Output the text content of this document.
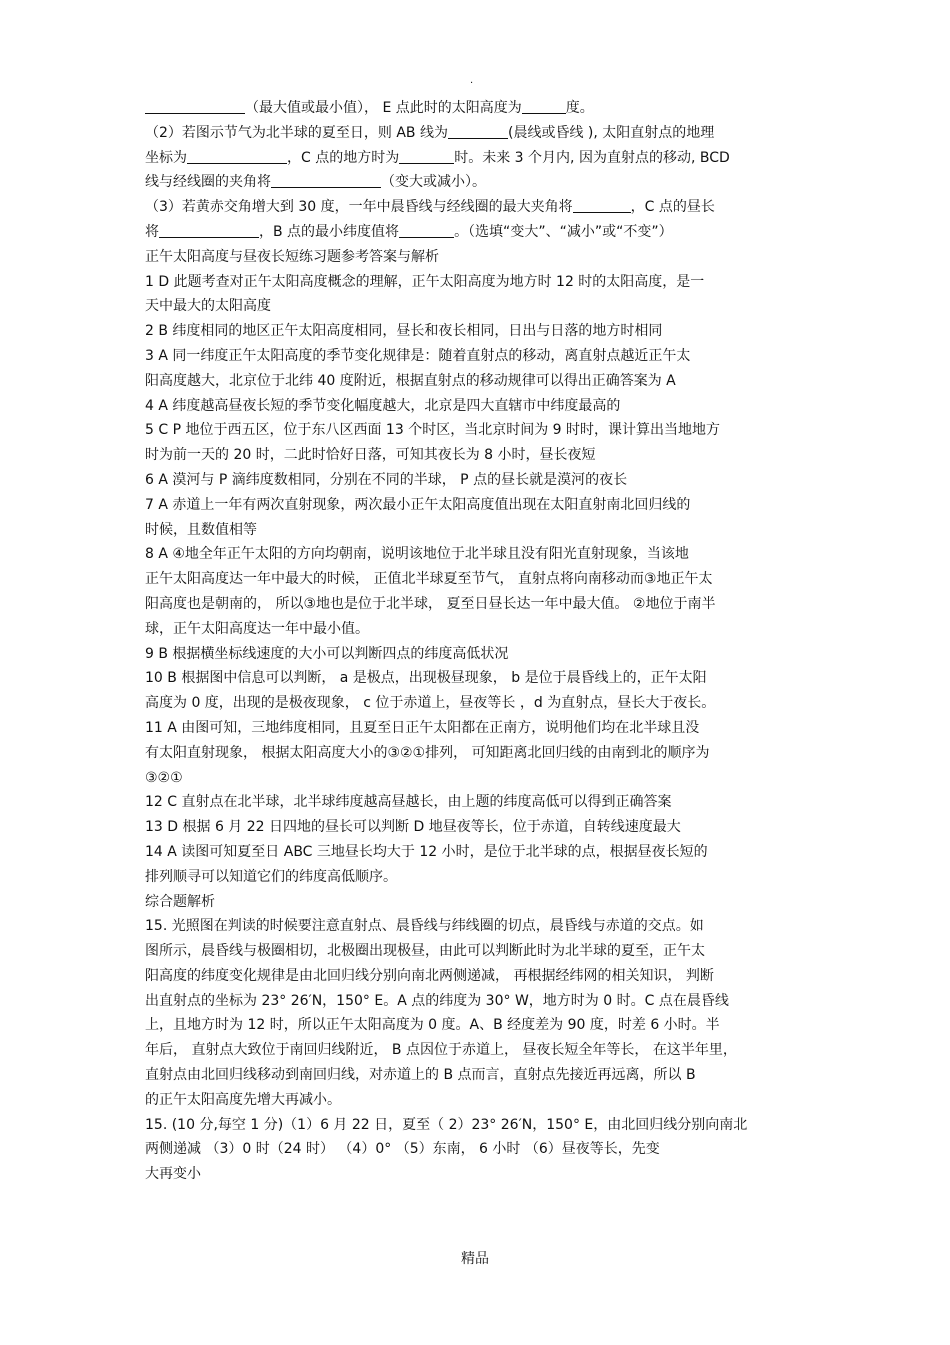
·
（最大值或最小值）， E 点此时的太阳高度为	度。
（2）若图示节气为北半球的夏至日，则 AB 线为	(晨线或昏线 ), 太阳直射点的地理
坐标为	，C 点的地方时为	时。未来 3 个月内, 因为直射点的移动, BCD
线与经线圈的夹角将	（变大或减小）。
（3）若黄赤交角增大到 30 度，一年中晨昏线与经线圈的最大夹角将	，C 点的昼长
将	，B 点的最小纬度值将	。（选填“变大”、“减小”或“不变”）
正午太阳高度与昼夜长短练习题参考答案与解析
1 D 此题考查对正午太阳高度概念的理解，正午太阳高度为地方时 12 时的太阳高度，是一
天中最大的太阳高度
2 B 纬度相同的地区正午太阳高度相同，昼长和夜长相同，日出与日落的地方时相同
3 A 同一纬度正午太阳高度的季节变化规律是：随着直射点的移动，离直射点越近正午太
阳高度越大，北京位于北纬 40 度附近，根据直射点的移动规律可以得出正确答案为 A
4 A 纬度越高昼夜长短的季节变化幅度越大，北京是四大直辖市中纬度最高的
5 C P 地位于西五区，位于东八区西面 13 个时区，当北京时间为 9 时时，课计算出当地地方
时为前一天的 20 时，二此时恰好日落，可知其夜长为 8 小时，昼长夜短
6 A 漠河与 P 滴纬度数相同，分别在不同的半球， P 点的昼长就是漠河的夜长
7 A 赤道上一年有两次直射现象，两次最小正午太阳高度值出现在太阳直射南北回归线的
时候，且数值相等
8 A ④地全年正午太阳的方向均朝南，说明该地位于北半球且没有阳光直射现象，当该地
正午太阳高度达一年中最大的时候， 正值北半球夏至节气， 直射点将向南移动而③地正午太
阳高度也是朝南的， 所以③地也是位于北半球， 夏至日昼长达一年中最大值。 ②地位于南半
球，正午太阳高度达一年中最小值。
9 B 根据横坐标线速度的大小可以判断四点的纬度高低状况
10 B 根据图中信息可以判断， a 是极点，出现极昼现象， b 是位于晨昏线上的，正午太阳
高度为 0 度，出现的是极夜现象， c 位于赤道上，昼夜等长 ，d 为直射点，昼长大于夜长。
11 A 由图可知，三地纬度相同，且夏至日正午太阳都在正南方，说明他们均在北半球且没
有太阳直射现象， 根据太阳高度大小的③②①排列， 可知距离北回归线的由南到北的顺序为
③②①
12 C 直射点在北半球，北半球纬度越高昼越长，由上题的纬度高低可以得到正确答案
13 D 根据 6 月 22 日四地的昼长可以判断 D 地昼夜等长，位于赤道，自转线速度最大
14 A 读图可知夏至日 ABC 三地昼长均大于 12 小时，是位于北半球的点，根据昼夜长短的
排列顺寻可以知道它们的纬度高低顺序。
综合题解析
15. 光照图在判读的时候要注意直射点、晨昏线与纬线圈的切点，晨昏线与赤道的交点。如
图所示，晨昏线与极圈相切，北极圈出现极昼，由此可以判断此时为北半球的夏至，正午太
阳高度的纬度变化规律是由北回归线分别向南北两侧递减， 再根据经纬网的相关知识， 判断
出直射点的坐标为 23° 26′N，150° E。A 点的纬度为 30° W，地方时为 0 时。C 点在晨昏线
上，且地方时为 12 时，所以正午太阳高度为 0 度。A、B 经度差为 90 度，时差 6 小时。半
年后， 直射点大致位于南回归线附近， B 点因位于赤道上， 昼夜长短全年等长， 在这半年里，
直射点由北回归线移动到南回归线，对赤道上的 B 点而言，直射点先接近再远离，所以 B
的正午太阳高度先增大再减小。
15. (10 分,每空 1 分)（1）6 月 22 日，夏至（ 2）23° 26′N，150° E，由北回归线分别向南北
两侧递减 （3）0 时（24 时） （4）0° （5）东南， 6 小时 （6）昼夜等长，先变
大再变小
精品
